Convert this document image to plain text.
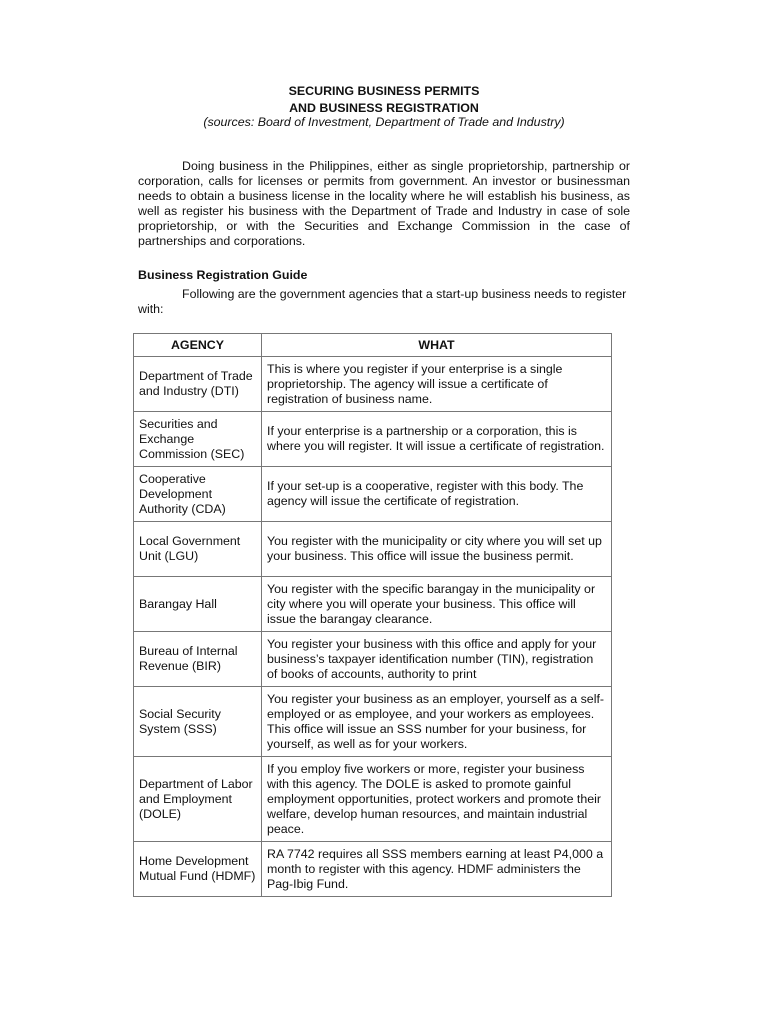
SECURING BUSINESS PERMITS
AND BUSINESS REGISTRATION
(sources: Board of Investment, Department of Trade and Industry)

Doing business in the Philippines, either as single proprietorship, partnership or corporation, calls for licenses or permits from government. An investor or businessman needs to obtain a business license in the locality where he will establish his business, as well as register his business with the Department of Trade and Industry in case of sole proprietorship, or with the Securities and Exchange Commission in the case of partnerships and corporations.

Business Registration Guide

Following are the government agencies that a start-up business needs to register with:

AGENCY	WHAT
Department of Trade and Industry (DTI)	This is where you register if your enterprise is a single proprietorship. The agency will issue a certificate of registration of business name.
Securities and Exchange Commission (SEC)	If your enterprise is a partnership or a corporation, this is where you will register. It will issue a certificate of registration.
Cooperative Development Authority (CDA)	If your set-up is a cooperative, register with this body. The agency will issue the certificate of registration.
Local Government Unit (LGU)	You register with the municipality or city where you will set up your business. This office will issue the business permit.
Barangay Hall	You register with the specific barangay in the municipality or city where you will operate your business. This office will issue the barangay clearance.
Bureau of Internal Revenue (BIR)	You register your business with this office and apply for your business’s taxpayer identification number (TIN), registration of books of accounts, authority to print
Social Security System (SSS)	You register your business as an employer, yourself as a self-employed or as employee, and your workers as employees. This office will issue an SSS number for your business, for yourself, as well as for your workers.
Department of Labor and Employment (DOLE)	If you employ five workers or more, register your business with this agency. The DOLE is asked to promote gainful employment opportunities, protect workers and promote their welfare, develop human resources, and maintain industrial peace.
Home Development Mutual Fund (HDMF)	RA 7742 requires all SSS members earning at least P4,000 a month to register with this agency. HDMF administers the Pag-Ibig Fund.
